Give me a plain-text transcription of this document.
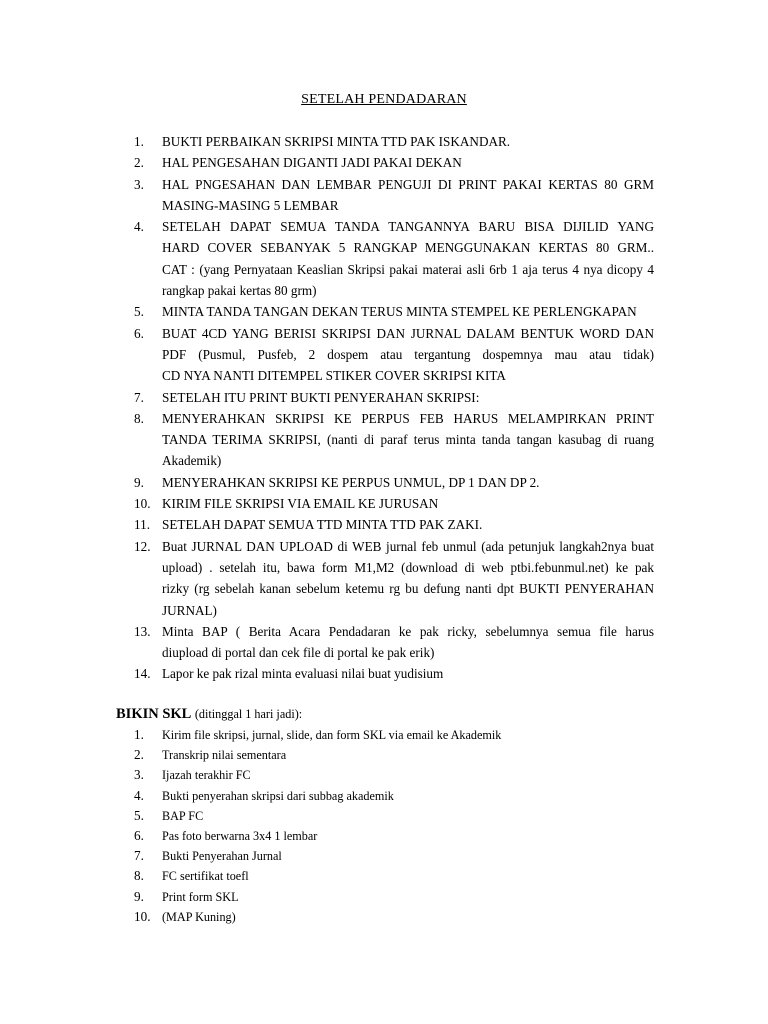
SETELAH PENDADARAN
1.	BUKTI PERBAIKAN SKRIPSI MINTA TTD PAK ISKANDAR.
2.	HAL PENGESAHAN DIGANTI JADI PAKAI DEKAN
3.	HAL PNGESAHAN DAN LEMBAR PENGUJI DI PRINT PAKAI KERTAS 80 GRM
MASING-MASING 5 LEMBAR
4.	SETELAH DAPAT SEMUA TANDA TANGANNYA BARU BISA DIJILID YANG
HARD COVER SEBANYAK 5 RANGKAP MENGGUNAKAN KERTAS 80 GRM..
CAT : (yang Pernyataan Keaslian Skripsi pakai materai asli 6rb 1 aja terus 4 nya dicopy 4
rangkap pakai kertas 80 grm)
5.	MINTA TANDA TANGAN DEKAN TERUS MINTA STEMPEL KE PERLENGKAPAN
6.	BUAT 4CD YANG BERISI SKRIPSI DAN JURNAL DALAM BENTUK WORD DAN
PDF (Pusmul, Pusfeb, 2 dospem atau tergantung dospemnya mau atau tidak)
CD NYA NANTI DITEMPEL STIKER COVER SKRIPSI KITA
7.	SETELAH ITU PRINT BUKTI PENYERAHAN SKRIPSI:
8.	MENYERAHKAN SKRIPSI KE PERPUS FEB HARUS MELAMPIRKAN PRINT
TANDA TERIMA SKRIPSI, (nanti di paraf terus minta tanda tangan kasubag di ruang
Akademik)
9.	MENYERAHKAN SKRIPSI KE PERPUS UNMUL, DP 1 DAN DP 2.
10. KIRIM FILE SKRIPSI VIA EMAIL KE JURUSAN
11. SETELAH DAPAT SEMUA TTD MINTA TTD PAK ZAKI.
12. Buat JURNAL DAN UPLOAD di WEB jurnal feb unmul (ada petunjuk langkah2nya buat
upload) . setelah itu, bawa form M1,M2 (download di web ptbi.febunmul.net) ke pak
rizky (rg sebelah kanan sebelum ketemu rg bu defung nanti dpt BUKTI PENYERAHAN
JURNAL)
13. Minta BAP ( Berita Acara Pendadaran ke pak ricky, sebelumnya semua file harus
diupload di portal dan cek file di portal ke pak erik)
14. Lapor ke pak rizal minta evaluasi nilai buat yudisium
BIKIN SKL (ditinggal 1 hari jadi):
1.	Kirim file skripsi, jurnal, slide, dan form SKL via email ke Akademik
2.	Transkrip nilai sementara
3.	Ijazah terakhir FC
4.	Bukti penyerahan skripsi dari subbag akademik
5.	BAP FC
6.	Pas foto berwarna 3x4 1 lembar
7.	Bukti Penyerahan Jurnal
8.	FC sertifikat toefl
9.	Print form SKL
10. (MAP Kuning)
